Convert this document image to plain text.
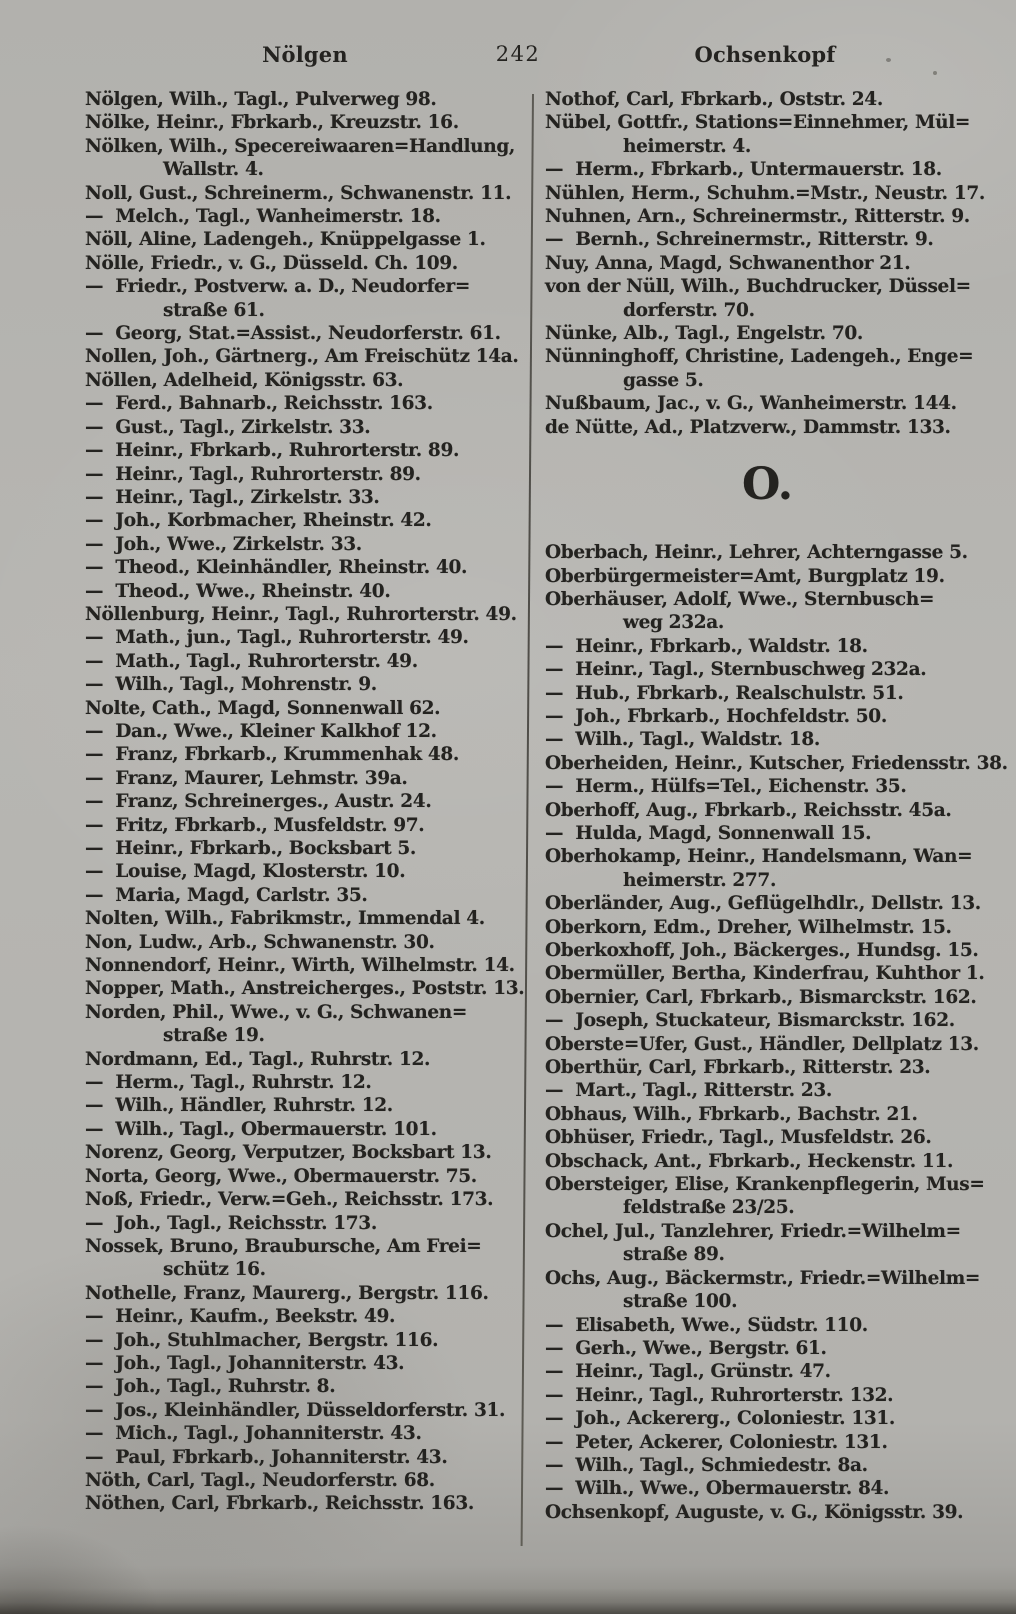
Nölgen	242	Ochsenkopf
Nölgen, Wilh., Tagl., Pulverweg 98.
Nölke, Heinr., Fbrkarb., Kreuzstr. 16.
Nölken, Wilh., Specereiwaaren=Handlung,
Wallstr. 4.
Noll, Gust., Schreinerm., Schwanenstr. 11.
—  Melch., Tagl., Wanheimerstr. 18.
Nöll, Aline, Ladengeh., Knüppelgasse 1.
Nölle, Friedr., v. G., Düsseld. Ch. 109.
—  Friedr., Postverw. a. D., Neudorfer=
straße 61.
—  Georg, Stat.=Assist., Neudorferstr. 61.
Nollen, Joh., Gärtnerg., Am Freischütz 14a.
Nöllen, Adelheid, Königsstr. 63.
—  Ferd., Bahnarb., Reichsstr. 163.
—  Gust., Tagl., Zirkelstr. 33.
—  Heinr., Fbrkarb., Ruhrorterstr. 89.
—  Heinr., Tagl., Ruhrorterstr. 89.
—  Heinr., Tagl., Zirkelstr. 33.
—  Joh., Korbmacher, Rheinstr. 42.
—  Joh., Wwe., Zirkelstr. 33.
—  Theod., Kleinhändler, Rheinstr. 40.
—  Theod., Wwe., Rheinstr. 40.
Nöllenburg, Heinr., Tagl., Ruhrorterstr. 49.
—  Math., jun., Tagl., Ruhrorterstr. 49.
—  Math., Tagl., Ruhrorterstr. 49.
—  Wilh., Tagl., Mohrenstr. 9.
Nolte, Cath., Magd, Sonnenwall 62.
—  Dan., Wwe., Kleiner Kalkhof 12.
—  Franz, Fbrkarb., Krummenhak 48.
—  Franz, Maurer, Lehmstr. 39a.
—  Franz, Schreinerges., Austr. 24.
—  Fritz, Fbrkarb., Musfeldstr. 97.
—  Heinr., Fbrkarb., Bocksbart 5.
—  Louise, Magd, Klosterstr. 10.
—  Maria, Magd, Carlstr. 35.
Nolten, Wilh., Fabrikmstr., Immendal 4.
Non, Ludw., Arb., Schwanenstr. 30.
Nonnendorf, Heinr., Wirth, Wilhelmstr. 14.
Nopper, Math., Anstreicherges., Poststr. 13.
Norden, Phil., Wwe., v. G., Schwanen=
straße 19.
Nordmann, Ed., Tagl., Ruhrstr. 12.
—  Herm., Tagl., Ruhrstr. 12.
—  Wilh., Händler, Ruhrstr. 12.
—  Wilh., Tagl., Obermauerstr. 101.
Norenz, Georg, Verputzer, Bocksbart 13.
Norta, Georg, Wwe., Obermauerstr. 75.
Noß, Friedr., Verw.=Geh., Reichsstr. 173.
—  Joh., Tagl., Reichsstr. 173.
Nossek, Bruno, Braubursche, Am Frei=
schütz 16.
Nothelle, Franz, Maurerg., Bergstr. 116.
—  Heinr., Kaufm., Beekstr. 49.
—  Joh., Stuhlmacher, Bergstr. 116.
—  Joh., Tagl., Johanniterstr. 43.
—  Joh., Tagl., Ruhrstr. 8.
—  Jos., Kleinhändler, Düsseldorferstr. 31.
—  Mich., Tagl., Johanniterstr. 43.
—  Paul, Fbrkarb., Johanniterstr. 43.
Nöth, Carl, Tagl., Neudorferstr. 68.
Nöthen, Carl, Fbrkarb., Reichsstr. 163.
Nothof, Carl, Fbrkarb., Oststr. 24.
Nübel, Gottfr., Stations=Einnehmer, Mül=
heimerstr. 4.
—  Herm., Fbrkarb., Untermauerstr. 18.
Nühlen, Herm., Schuhm.=Mstr., Neustr. 17.
Nuhnen, Arn., Schreinermstr., Ritterstr. 9.
—  Bernh., Schreinermstr., Ritterstr. 9.
Nuy, Anna, Magd, Schwanenthor 21.
von der Nüll, Wilh., Buchdrucker, Düssel=
dorferstr. 70.
Nünke, Alb., Tagl., Engelstr. 70.
Nünninghoff, Christine, Ladengeh., Enge=
gasse 5.
Nußbaum, Jac., v. G., Wanheimerstr. 144.
de Nütte, Ad., Platzverw., Dammstr. 133.
O.
Oberbach, Heinr., Lehrer, Achterngasse 5.
Oberbürgermeister=Amt, Burgplatz 19.
Oberhäuser, Adolf, Wwe., Sternbusch=
weg 232a.
—  Heinr., Fbrkarb., Waldstr. 18.
—  Heinr., Tagl., Sternbuschweg 232a.
—  Hub., Fbrkarb., Realschulstr. 51.
—  Joh., Fbrkarb., Hochfeldstr. 50.
—  Wilh., Tagl., Waldstr. 18.
Oberheiden, Heinr., Kutscher, Friedensstr. 38.
—  Herm., Hülfs=Tel., Eichenstr. 35.
Oberhoff, Aug., Fbrkarb., Reichsstr. 45a.
—  Hulda, Magd, Sonnenwall 15.
Oberhokamp, Heinr., Handelsmann, Wan=
heimerstr. 277.
Oberländer, Aug., Geflügelhdlr., Dellstr. 13.
Oberkorn, Edm., Dreher, Wilhelmstr. 15.
Oberkoxhoff, Joh., Bäckerges., Hundsg. 15.
Obermüller, Bertha, Kinderfrau, Kuhthor 1.
Obernier, Carl, Fbrkarb., Bismarckstr. 162.
—  Joseph, Stuckateur, Bismarckstr. 162.
Oberste=Ufer, Gust., Händler, Dellplatz 13.
Oberthür, Carl, Fbrkarb., Ritterstr. 23.
—  Mart., Tagl., Ritterstr. 23.
Obhaus, Wilh., Fbrkarb., Bachstr. 21.
Obhüser, Friedr., Tagl., Musfeldstr. 26.
Obschack, Ant., Fbrkarb., Heckenstr. 11.
Obersteiger, Elise, Krankenpflegerin, Mus=
feldstraße 23/25.
Ochel, Jul., Tanzlehrer, Friedr.=Wilhelm=
straße 89.
Ochs, Aug., Bäckermstr., Friedr.=Wilhelm=
straße 100.
—  Elisabeth, Wwe., Südstr. 110.
—  Gerh., Wwe., Bergstr. 61.
—  Heinr., Tagl., Grünstr. 47.
—  Heinr., Tagl., Ruhrorterstr. 132.
—  Joh., Ackererg., Coloniestr. 131.
—  Peter, Ackerer, Coloniestr. 131.
—  Wilh., Tagl., Schmiedestr. 8a.
—  Wilh., Wwe., Obermauerstr. 84.
Ochsenkopf, Auguste, v. G., Königsstr. 39.
